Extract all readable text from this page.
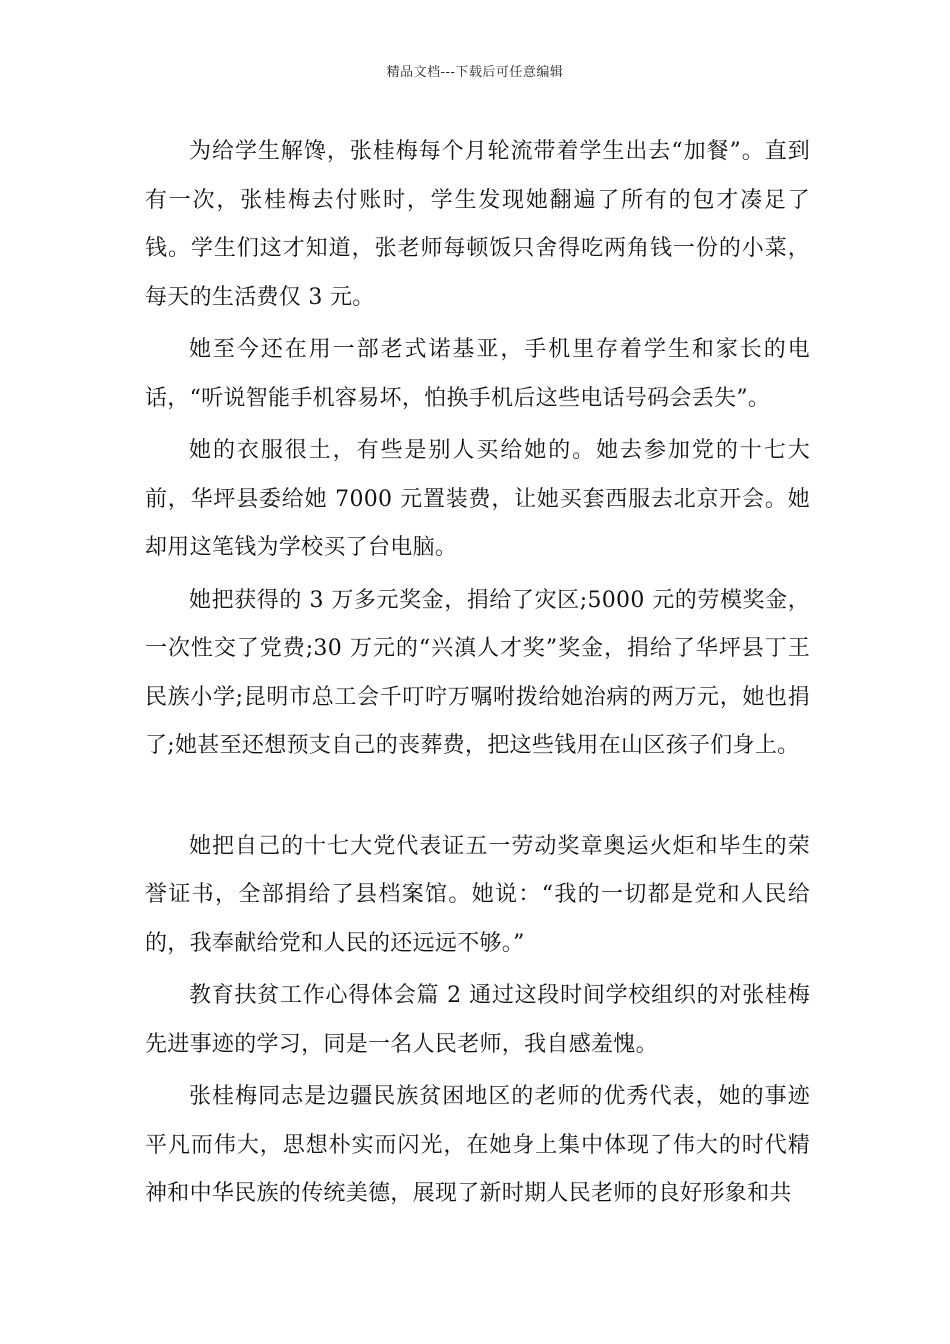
精品文档---下载后可任意编辑

为给学生解馋，张桂梅每个月轮流带着学生出去“加餐”。直到有一次，张桂梅去付账时，学生发现她翻遍了所有的包才凑足了钱。学生们这才知道，张老师每顿饭只舍得吃两角钱一份的小菜，每天的生活费仅 3 元。

她至今还在用一部老式诺基亚，手机里存着学生和家长的电话，“听说智能手机容易坏，怕换手机后这些电话号码会丢失”。

她的衣服很土，有些是别人买给她的。她去参加党的十七大前，华坪县委给她 7000 元置装费，让她买套西服去北京开会。她却用这笔钱为学校买了台电脑。

她把获得的 3 万多元奖金，捐给了灾区;5000 元的劳模奖金，一次性交了党费;30 万元的“兴滇人才奖”奖金，捐给了华坪县丁王民族小学;昆明市总工会千叮咛万嘱咐拨给她治病的两万元，她也捐了;她甚至还想预支自己的丧葬费，把这些钱用在山区孩子们身上。

她把自己的十七大党代表证五一劳动奖章奥运火炬和毕生的荣誉证书，全部捐给了县档案馆。她说：“我的一切都是党和人民给的，我奉献给党和人民的还远远不够。”

教育扶贫工作心得体会篇 2 通过这段时间学校组织的对张桂梅先进事迹的学习，同是一名人民老师，我自感羞愧。

张桂梅同志是边疆民族贫困地区的老师的优秀代表，她的事迹平凡而伟大，思想朴实而闪光，在她身上集中体现了伟大的时代精神和中华民族的传统美德，展现了新时期人民老师的良好形象和共
